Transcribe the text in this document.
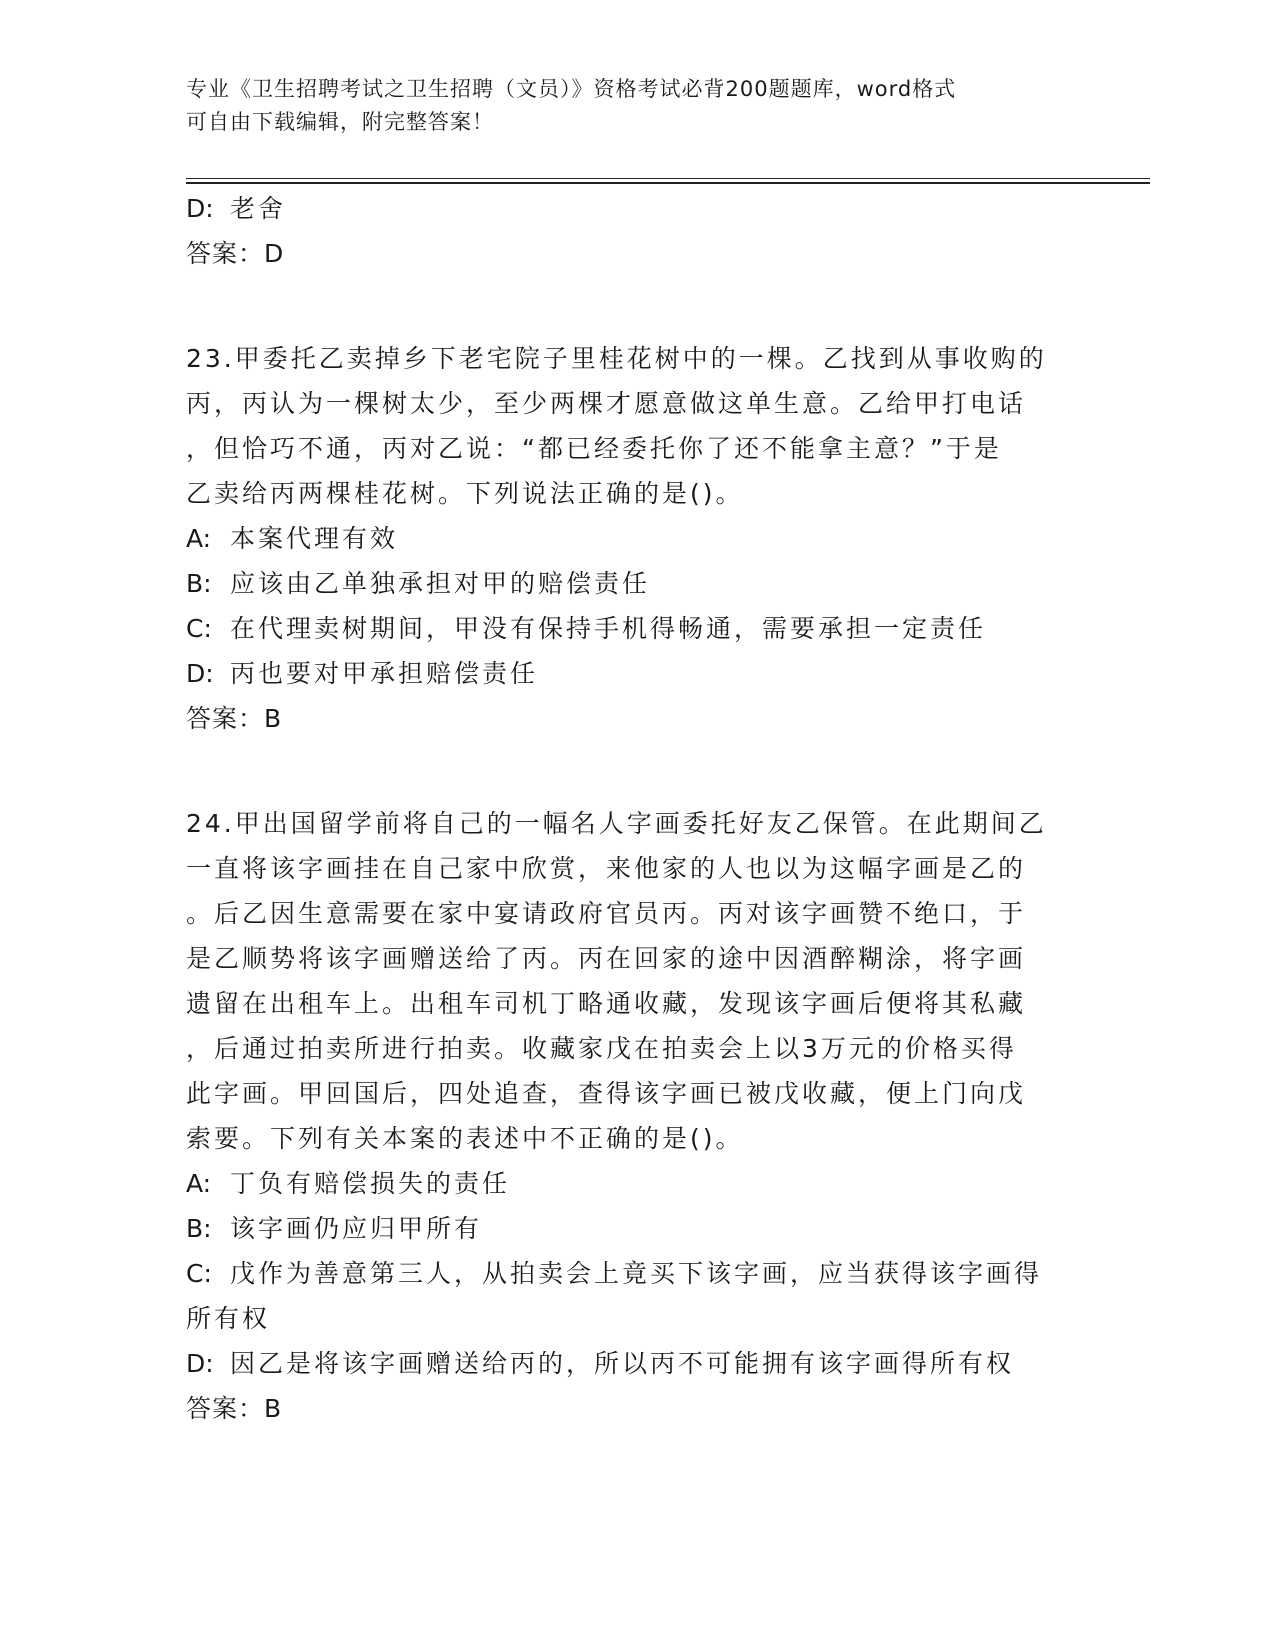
专业《卫生招聘考试之卫生招聘（文员）》资格考试必背200题题库，word格式
可自由下载编辑，附完整答案！
D: 老舍
答案：D
23.甲委托乙卖掉乡下老宅院子里桂花树中的一棵。乙找到从事收购的
丙，丙认为一棵树太少，至少两棵才愿意做这单生意。乙给甲打电话
，但恰巧不通，丙对乙说：“都已经委托你了还不能拿主意？”于是
乙卖给丙两棵桂花树。下列说法正确的是()。
A: 本案代理有效
B: 应该由乙单独承担对甲的赔偿责任
C: 在代理卖树期间，甲没有保持手机得畅通，需要承担一定责任
D: 丙也要对甲承担赔偿责任
答案：B
24.甲出国留学前将自己的一幅名人字画委托好友乙保管。在此期间乙
一直将该字画挂在自己家中欣赏，来他家的人也以为这幅字画是乙的
。后乙因生意需要在家中宴请政府官员丙。丙对该字画赞不绝口，于
是乙顺势将该字画赠送给了丙。丙在回家的途中因酒醉糊涂，将字画
遗留在出租车上。出租车司机丁略通收藏，发现该字画后便将其私藏
，后通过拍卖所进行拍卖。收藏家戊在拍卖会上以3万元的价格买得
此字画。甲回国后，四处追查，查得该字画已被戊收藏，便上门向戊
索要。下列有关本案的表述中不正确的是()。
A: 丁负有赔偿损失的责任
B: 该字画仍应归甲所有
C: 戊作为善意第三人，从拍卖会上竟买下该字画，应当获得该字画得
所有权
D: 因乙是将该字画赠送给丙的，所以丙不可能拥有该字画得所有权
答案：B
